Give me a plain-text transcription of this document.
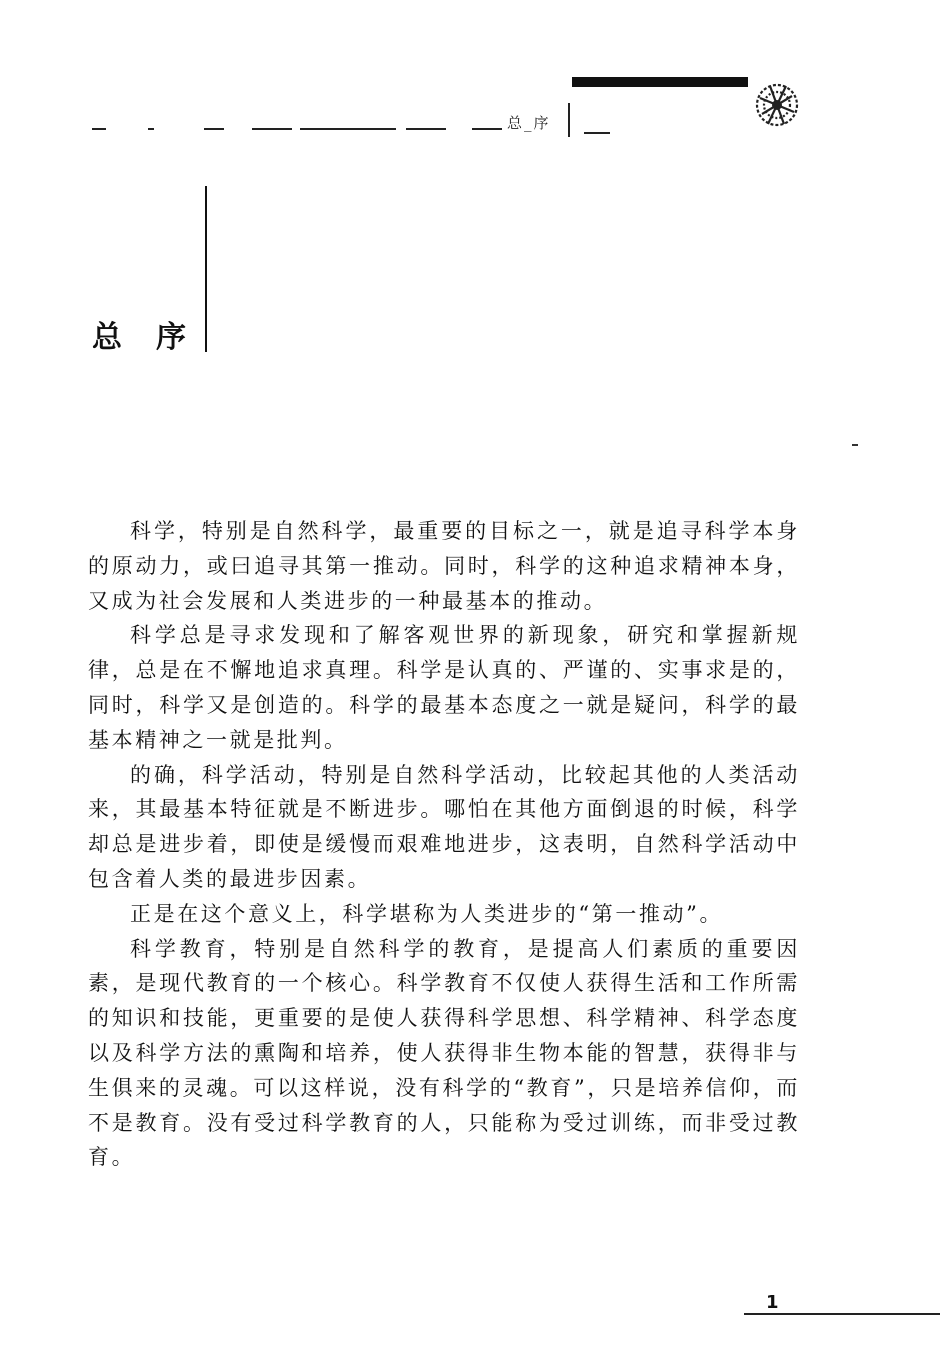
总_序
总序

科学，特别是自然科学，最重要的目标之一，就是追寻科学本身的原动力，或曰追寻其第一推动。同时，科学的这种追求精神本身，又成为社会发展和人类进步的一种最基本的推动。

科学总是寻求发现和了解客观世界的新现象，研究和掌握新规律，总是在不懈地追求真理。科学是认真的、严谨的、实事求是的，同时，科学又是创造的。科学的最基本态度之一就是疑问，科学的最基本精神之一就是批判。

的确，科学活动，特别是自然科学活动，比较起其他的人类活动来，其最基本特征就是不断进步。哪怕在其他方面倒退的时候，科学却总是进步着，即使是缓慢而艰难地进步，这表明，自然科学活动中包含着人类的最进步因素。

正是在这个意义上，科学堪称为人类进步的“第一推动”。

科学教育，特别是自然科学的教育，是提高人们素质的重要因素，是现代教育的一个核心。科学教育不仅使人获得生活和工作所需的知识和技能，更重要的是使人获得科学思想、科学精神、科学态度以及科学方法的熏陶和培养，使人获得非生物本能的智慧，获得非与生俱来的灵魂。可以这样说，没有科学的“教育”，只是培养信仰，而不是教育。没有受过科学教育的人，只能称为受过训练，而非受过教育。

1
